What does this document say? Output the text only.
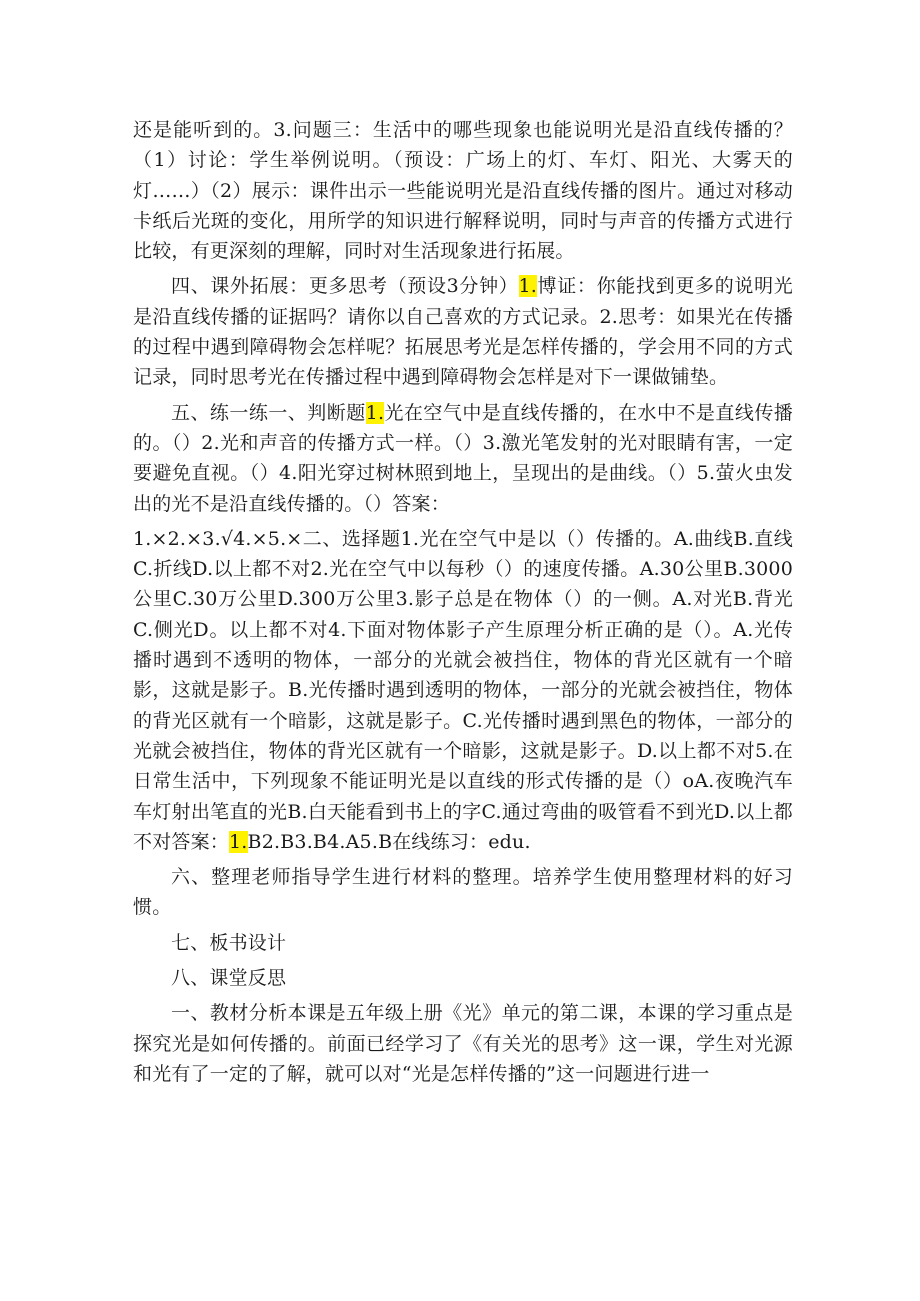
还是能听到的。3.问题三：生活中的哪些现象也能说明光是沿直线传播的？（1）讨论：学生举例说明。（预设：广场上的灯、车灯、阳光、大雾天的灯……）（2）展示：课件出示一些能说明光是沿直线传播的图片。通过对移动卡纸后光斑的变化，用所学的知识进行解释说明，同时与声音的传播方式进行比较，有更深刻的理解，同时对生活现象进行拓展。

四、课外拓展：更多思考（预设3分钟）1.博证：你能找到更多的说明光是沿直线传播的证据吗？请你以自己喜欢的方式记录。2.思考：如果光在传播的过程中遇到障碍物会怎样呢？拓展思考光是怎样传播的，学会用不同的方式记录，同时思考光在传播过程中遇到障碍物会怎样是对下一课做铺垫。

五、练一练一、判断题1.光在空气中是直线传播的，在水中不是直线传播的。（）2.光和声音的传播方式一样。（）3.激光笔发射的光对眼睛有害，一定要避免直视。（）4.阳光穿过树林照到地上，呈现出的是曲线。（）5.萤火虫发出的光不是沿直线传播的。（）答案：

1.×2.×3.√4.×5.×二、选择题1.光在空气中是以（）传播的。A.曲线B.直线C.折线D.以上都不对2.光在空气中以每秒（）的速度传播。A.30公里B.3000公里C.30万公里D.300万公里3.影子总是在物体（）的一侧。A.对光B.背光C.侧光D。以上都不对4.下面对物体影子产生原理分析正确的是（）。A.光传播时遇到不透明的物体，一部分的光就会被挡住，物体的背光区就有一个暗影，这就是影子。B.光传播时遇到透明的物体，一部分的光就会被挡住，物体的背光区就有一个暗影，这就是影子。C.光传播时遇到黑色的物体，一部分的光就会被挡住，物体的背光区就有一个暗影，这就是影子。D.以上都不对5.在日常生活中，下列现象不能证明光是以直线的形式传播的是（）oA.夜晚汽车车灯射出笔直的光B.白天能看到书上的字C.通过弯曲的吸管看不到光D.以上都不对答案：1.B2.B3.B4.A5.B在线练习：edu.

六、整理老师指导学生进行材料的整理。培养学生使用整理材料的好习惯。

七、板书设计

八、课堂反思

一、教材分析本课是五年级上册《光》单元的第二课，本课的学习重点是探究光是如何传播的。前面已经学习了《有关光的思考》这一课，学生对光源和光有了一定的了解，就可以对“光是怎样传播的”这一问题进行进一
